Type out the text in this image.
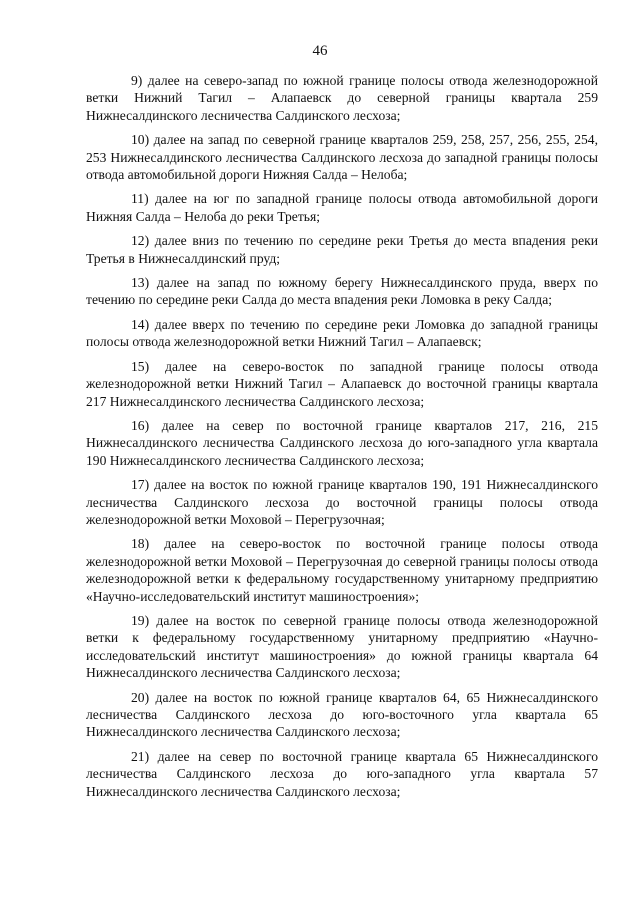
46

9) далее на северо-запад по южной границе полосы отвода железнодорожной ветки Нижний Тагил – Алапаевск до северной границы квартала 259 Нижнесалдинского лесничества Салдинского лесхоза;

10) далее на запад по северной границе кварталов 259, 258, 257, 256, 255, 254, 253 Нижнесалдинского лесничества Салдинского лесхоза до западной границы полосы отвода автомобильной дороги Нижняя Салда – Нелоба;

11) далее на юг по западной границе полосы отвода автомобильной дороги Нижняя Салда – Нелоба до реки Третья;

12) далее вниз по течению по середине реки Третья до места впадения реки Третья в Нижнесалдинский пруд;

13) далее на запад по южному берегу Нижнесалдинского пруда, вверх по течению по середине реки Салда до места впадения реки Ломовка в реку Салда;

14) далее вверх по течению по середине реки Ломовка до западной границы полосы отвода железнодорожной ветки Нижний Тагил – Алапаевск;

15) далее на северо-восток по западной границе полосы отвода железнодорожной ветки Нижний Тагил – Алапаевск до восточной границы квартала 217 Нижнесалдинского лесничества Салдинского лесхоза;

16) далее на север по восточной границе кварталов 217, 216, 215 Нижнесалдинского лесничества Салдинского лесхоза до юго-западного угла квартала 190 Нижнесалдинского лесничества Салдинского лесхоза;

17) далее на восток по южной границе кварталов 190, 191 Нижнесалдинского лесничества Салдинского лесхоза до восточной границы полосы отвода железнодорожной ветки Моховой – Перегрузочная;

18) далее на северо-восток по восточной границе полосы отвода железнодорожной ветки Моховой – Перегрузочная до северной границы полосы отвода железнодорожной ветки к федеральному государственному унитарному предприятию «Научно-исследовательский институт машиностроения»;

19) далее на восток по северной границе полосы отвода железнодорожной ветки к федеральному государственному унитарному предприятию «Научно-исследовательский институт машиностроения» до южной границы квартала 64 Нижнесалдинского лесничества Салдинского лесхоза;

20) далее на восток по южной границе кварталов 64, 65 Нижнесалдинского лесничества Салдинского лесхоза до юго-восточного угла квартала 65 Нижнесалдинского лесничества Салдинского лесхоза;

21) далее на север по восточной границе квартала 65 Нижнесалдинского лесничества Салдинского лесхоза до юго-западного угла квартала 57 Нижнесалдинского лесничества Салдинского лесхоза;
